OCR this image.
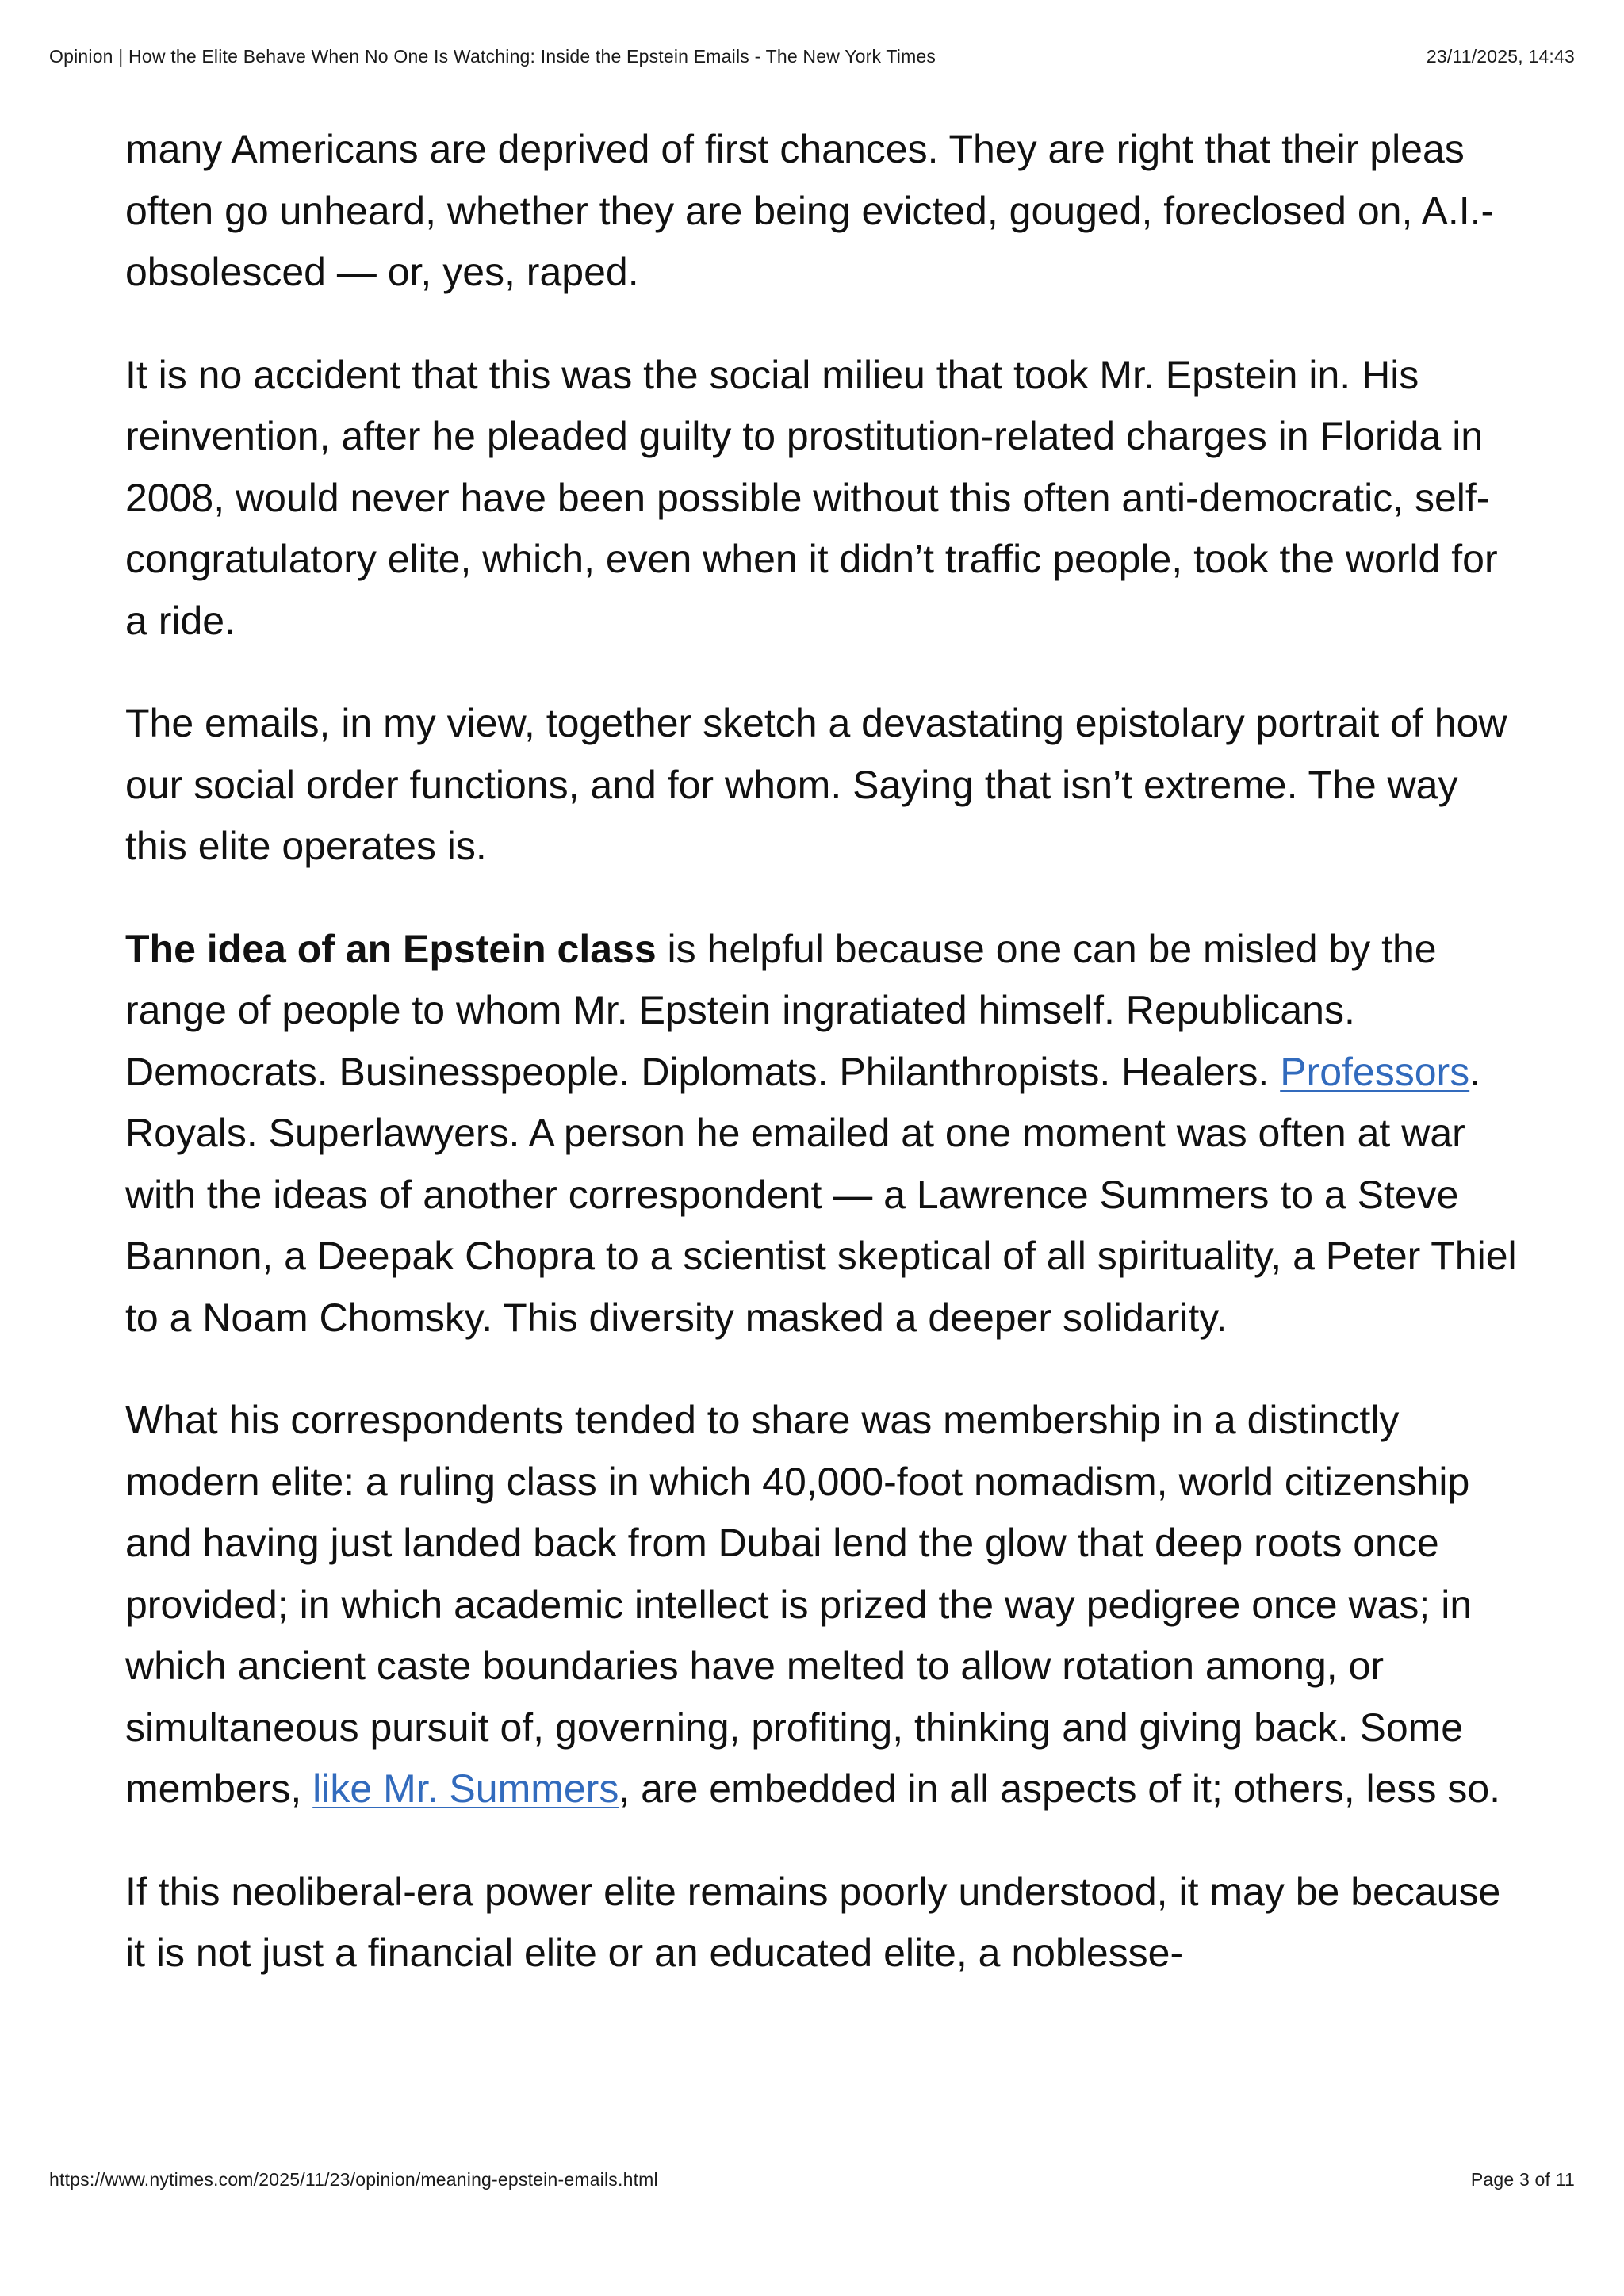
Opinion | How the Elite Behave When No One Is Watching: Inside the Epstein Emails - The New York Times	23/11/2025, 14:43

many Americans are deprived of first chances. They are right that their pleas often go unheard, whether they are being evicted, gouged, foreclosed on, A.I.-obsolesced — or, yes, raped.

It is no accident that this was the social milieu that took Mr. Epstein in. His reinvention, after he pleaded guilty to prostitution-related charges in Florida in 2008, would never have been possible without this often anti-democratic, self-congratulatory elite, which, even when it didn’t traffic people, took the world for a ride.

The emails, in my view, together sketch a devastating epistolary portrait of how our social order functions, and for whom. Saying that isn’t extreme. The way this elite operates is.

The idea of an Epstein class is helpful because one can be misled by the range of people to whom Mr. Epstein ingratiated himself. Republicans. Democrats. Businesspeople. Diplomats. Philanthropists. Healers. Professors. Royals. Superlawyers. A person he emailed at one moment was often at war with the ideas of another correspondent — a Lawrence Summers to a Steve Bannon, a Deepak Chopra to a scientist skeptical of all spirituality, a Peter Thiel to a Noam Chomsky. This diversity masked a deeper solidarity.

What his correspondents tended to share was membership in a distinctly modern elite: a ruling class in which 40,000-foot nomadism, world citizenship and having just landed back from Dubai lend the glow that deep roots once provided; in which academic intellect is prized the way pedigree once was; in which ancient caste boundaries have melted to allow rotation among, or simultaneous pursuit of, governing, profiting, thinking and giving back. Some members, like Mr. Summers, are embedded in all aspects of it; others, less so.

If this neoliberal-era power elite remains poorly understood, it may be because it is not just a financial elite or an educated elite, a noblesse-

https://www.nytimes.com/2025/11/23/opinion/meaning-epstein-emails.html	Page 3 of 11
